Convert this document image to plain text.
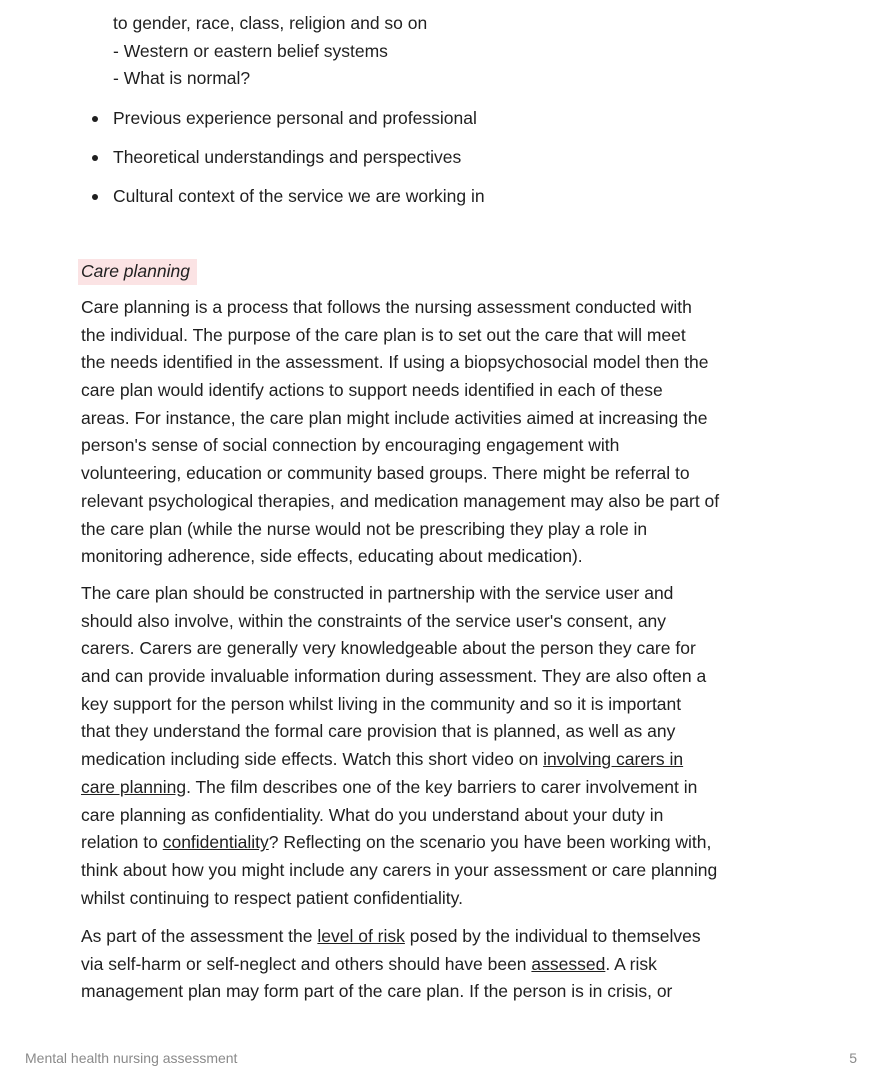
to gender, race, class, religion and so on
- Western or eastern belief systems
- What is normal?
Previous experience personal and professional
Theoretical understandings and perspectives
Cultural context of the service we are working in
Care planning
Care planning is a process that follows the nursing assessment conducted with
the individual. The purpose of the care plan is to set out the care that will meet
the needs identified in the assessment. If using a biopsychosocial model then the
care plan would identify actions to support needs identified in each of these
areas. For instance, the care plan might include activities aimed at increasing the
person's sense of social connection by encouraging engagement with
volunteering, education or community based groups. There might be referral to
relevant psychological therapies, and medication management may also be part of
the care plan (while the nurse would not be prescribing they play a role in
monitoring adherence, side effects, educating about medication).
The care plan should be constructed in partnership with the service user and
should also involve, within the constraints of the service user's consent, any
carers. Carers are generally very knowledgeable about the person they care for
and can provide invaluable information during assessment. They are also often a
key support for the person whilst living in the community and so it is important
that they understand the formal care provision that is planned, as well as any
medication including side effects. Watch this short video on involving carers in
care planning. The film describes one of the key barriers to carer involvement in
care planning as confidentiality. What do you understand about your duty in
relation to confidentiality? Reflecting on the scenario you have been working with,
think about how you might include any carers in your assessment or care planning
whilst continuing to respect patient confidentiality.
As part of the assessment the level of risk posed by the individual to themselves
via self-harm or self-neglect and others should have been assessed. A risk
management plan may form part of the care plan. If the person is in crisis, or
Mental health nursing assessment	5
